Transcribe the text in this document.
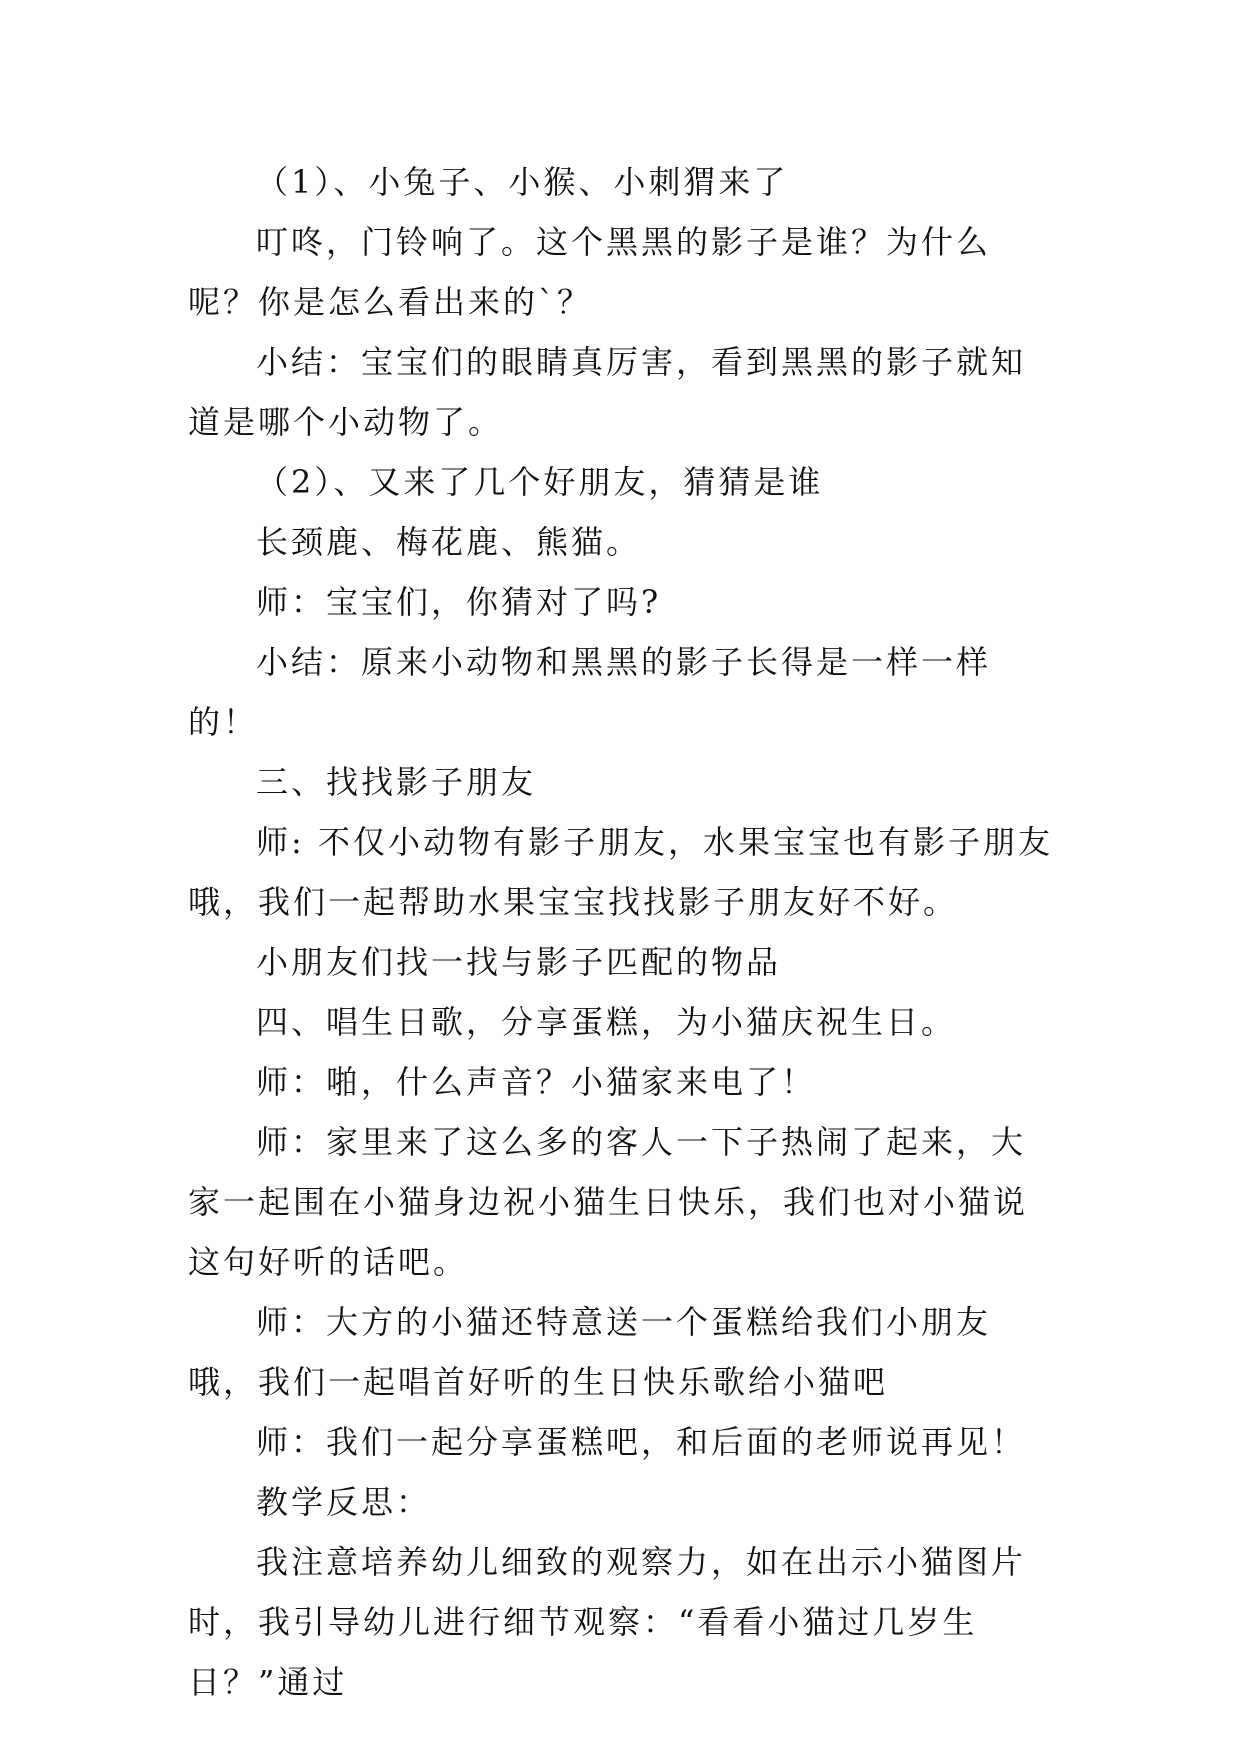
（1）、小兔子、小猴、小刺猬来了

叮咚，门铃响了。这个黑黑的影子是谁？为什么呢？你是怎么看出来的`？

小结：宝宝们的眼睛真厉害，看到黑黑的影子就知道是哪个小动物了。

（2）、又来了几个好朋友，猜猜是谁

长颈鹿、梅花鹿、熊猫。

师：宝宝们，你猜对了吗?

小结：原来小动物和黑黑的影子长得是一样一样的！

三、找找影子朋友

师: 不仅小动物有影子朋友，水果宝宝也有影子朋友哦，我们一起帮助水果宝宝找找影子朋友好不好。

小朋友们找一找与影子匹配的物品

四、唱生日歌，分享蛋糕，为小猫庆祝生日。

师：啪，什么声音？小猫家来电了！

师：家里来了这么多的客人一下子热闹了起来，大家一起围在小猫身边祝小猫生日快乐，我们也对小猫说这句好听的话吧。

师：大方的小猫还特意送一个蛋糕给我们小朋友哦，我们一起唱首好听的生日快乐歌给小猫吧

师：我们一起分享蛋糕吧，和后面的老师说再见！

教学反思：

我注意培养幼儿细致的观察力，如在出示小猫图片时，我引导幼儿进行细节观察：“看看小猫过几岁生日？”通过
